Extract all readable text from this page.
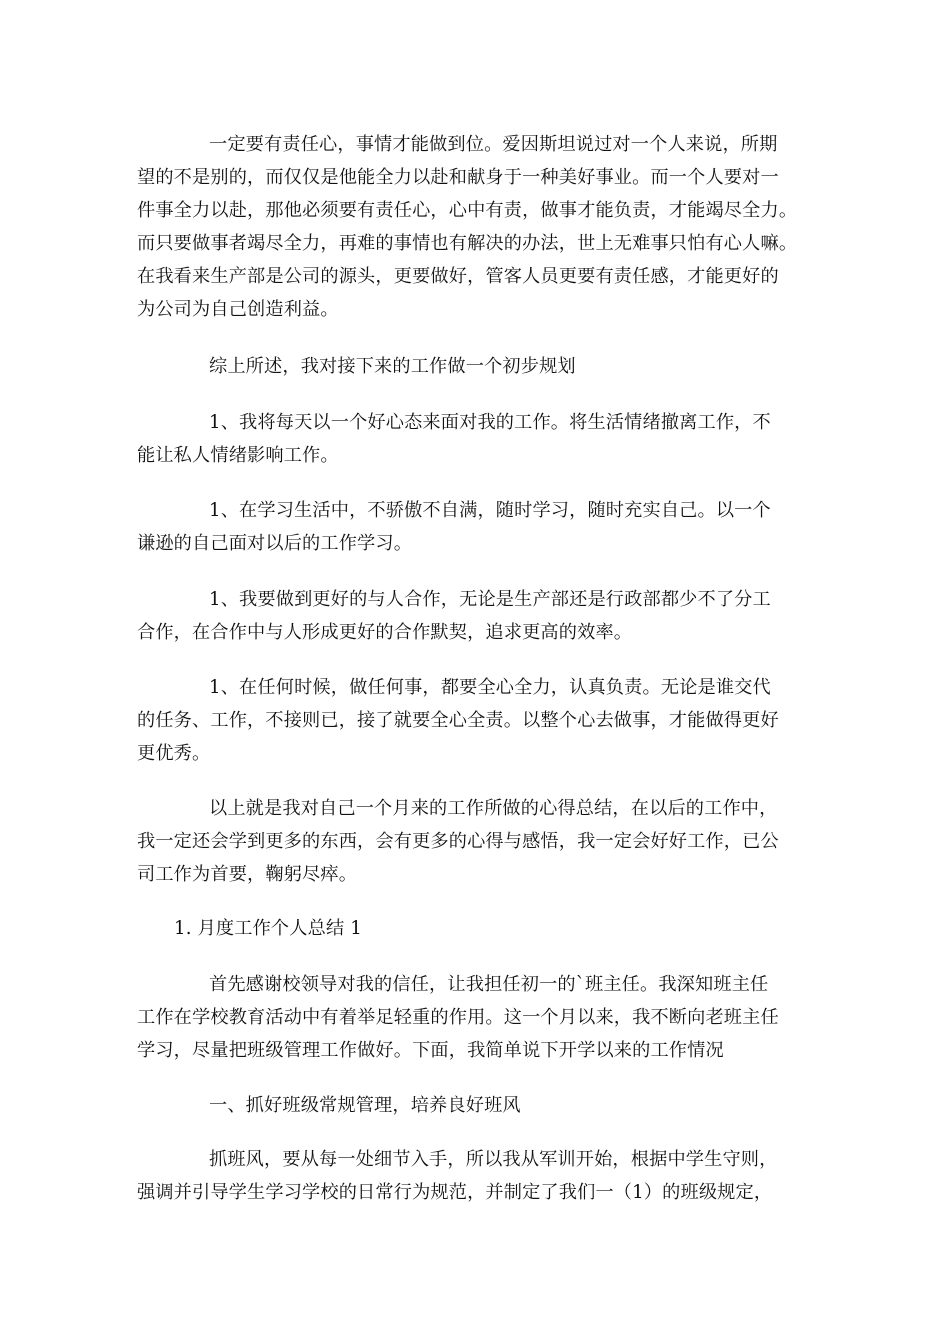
一定要有责任心，事情才能做到位。爱因斯坦说过对一个人来说，所期
望的不是别的，而仅仅是他能全力以赴和献身于一种美好事业。而一个人要对一
件事全力以赴，那他必须要有责任心，心中有责，做事才能负责，才能竭尽全力。
而只要做事者竭尽全力，再难的事情也有解决的办法，世上无难事只怕有心人嘛。
在我看来生产部是公司的源头，更要做好，管客人员更要有责任感，才能更好的
为公司为自己创造利益。
综上所述，我对接下来的工作做一个初步规划
1、我将每天以一个好心态来面对我的工作。将生活情绪撤离工作，不
能让私人情绪影响工作。
1、在学习生活中，不骄傲不自满，随时学习，随时充实自己。以一个
谦逊的自己面对以后的工作学习。
1、我要做到更好的与人合作，无论是生产部还是行政部都少不了分工
合作，在合作中与人形成更好的合作默契，追求更高的效率。
1、在任何时候，做任何事，都要全心全力，认真负责。无论是谁交代
的任务、工作，不接则已，接了就要全心全责。以整个心去做事，才能做得更好
更优秀。
以上就是我对自己一个月来的工作所做的心得总结，在以后的工作中，
我一定还会学到更多的东西，会有更多的心得与感悟，我一定会好好工作，已公
司工作为首要，鞠躬尽瘁。
1. 月度工作个人总结 1
首先感谢校领导对我的信任，让我担任初一的`班主任。我深知班主任
工作在学校教育活动中有着举足轻重的作用。这一个月以来，我不断向老班主任
学习，尽量把班级管理工作做好。下面，我简单说下开学以来的工作情况
一、抓好班级常规管理，培养良好班风
抓班风，要从每一处细节入手，所以我从军训开始，根据中学生守则，
强调并引导学生学习学校的日常行为规范，并制定了我们一（1）的班级规定，
